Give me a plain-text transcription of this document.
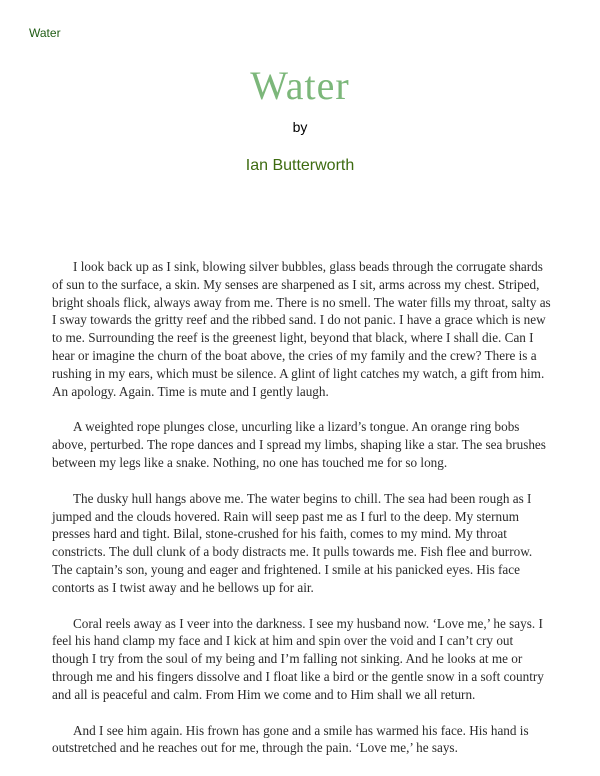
Water
Water
by
Ian Butterworth

I look back up as I sink, blowing silver bubbles, glass beads through the corrugate shards of sun to the surface, a skin. My senses are sharpened as I sit, arms across my chest. Striped, bright shoals flick, always away from me. There is no smell. The water fills my throat, salty as I sway towards the gritty reef and the ribbed sand. I do not panic. I have a grace which is new to me. Surrounding the reef is the greenest light, beyond that black, where I shall die. Can I hear or imagine the churn of the boat above, the cries of my family and the crew? There is a rushing in my ears, which must be silence. A glint of light catches my watch, a gift from him. An apology. Again. Time is mute and I gently laugh.

A weighted rope plunges close, uncurling like a lizard’s tongue. An orange ring bobs above, perturbed. The rope dances and I spread my limbs, shaping like a star. The sea brushes between my legs like a snake. Nothing, no one has touched me for so long.

The dusky hull hangs above me. The water begins to chill. The sea had been rough as I jumped and the clouds hovered. Rain will seep past me as I furl to the deep. My sternum presses hard and tight. Bilal, stone-crushed for his faith, comes to my mind. My throat constricts. The dull clunk of a body distracts me. It pulls towards me. Fish flee and burrow. The captain’s son, young and eager and frightened. I smile at his panicked eyes. His face contorts as I twist away and he bellows up for air.

Coral reels away as I veer into the darkness. I see my husband now. ‘Love me,’ he says. I feel his hand clamp my face and I kick at him and spin over the void and I can’t cry out though I try from the soul of my being and I’m falling not sinking. And he looks at me or through me and his fingers dissolve and I float like a bird or the gentle snow in a soft country and all is peaceful and calm. From Him we come and to Him shall we all return.

And I see him again. His frown has gone and a smile has warmed his face. His hand is outstretched and he reaches out for me, through the pain. ‘Love me,’ he says.
